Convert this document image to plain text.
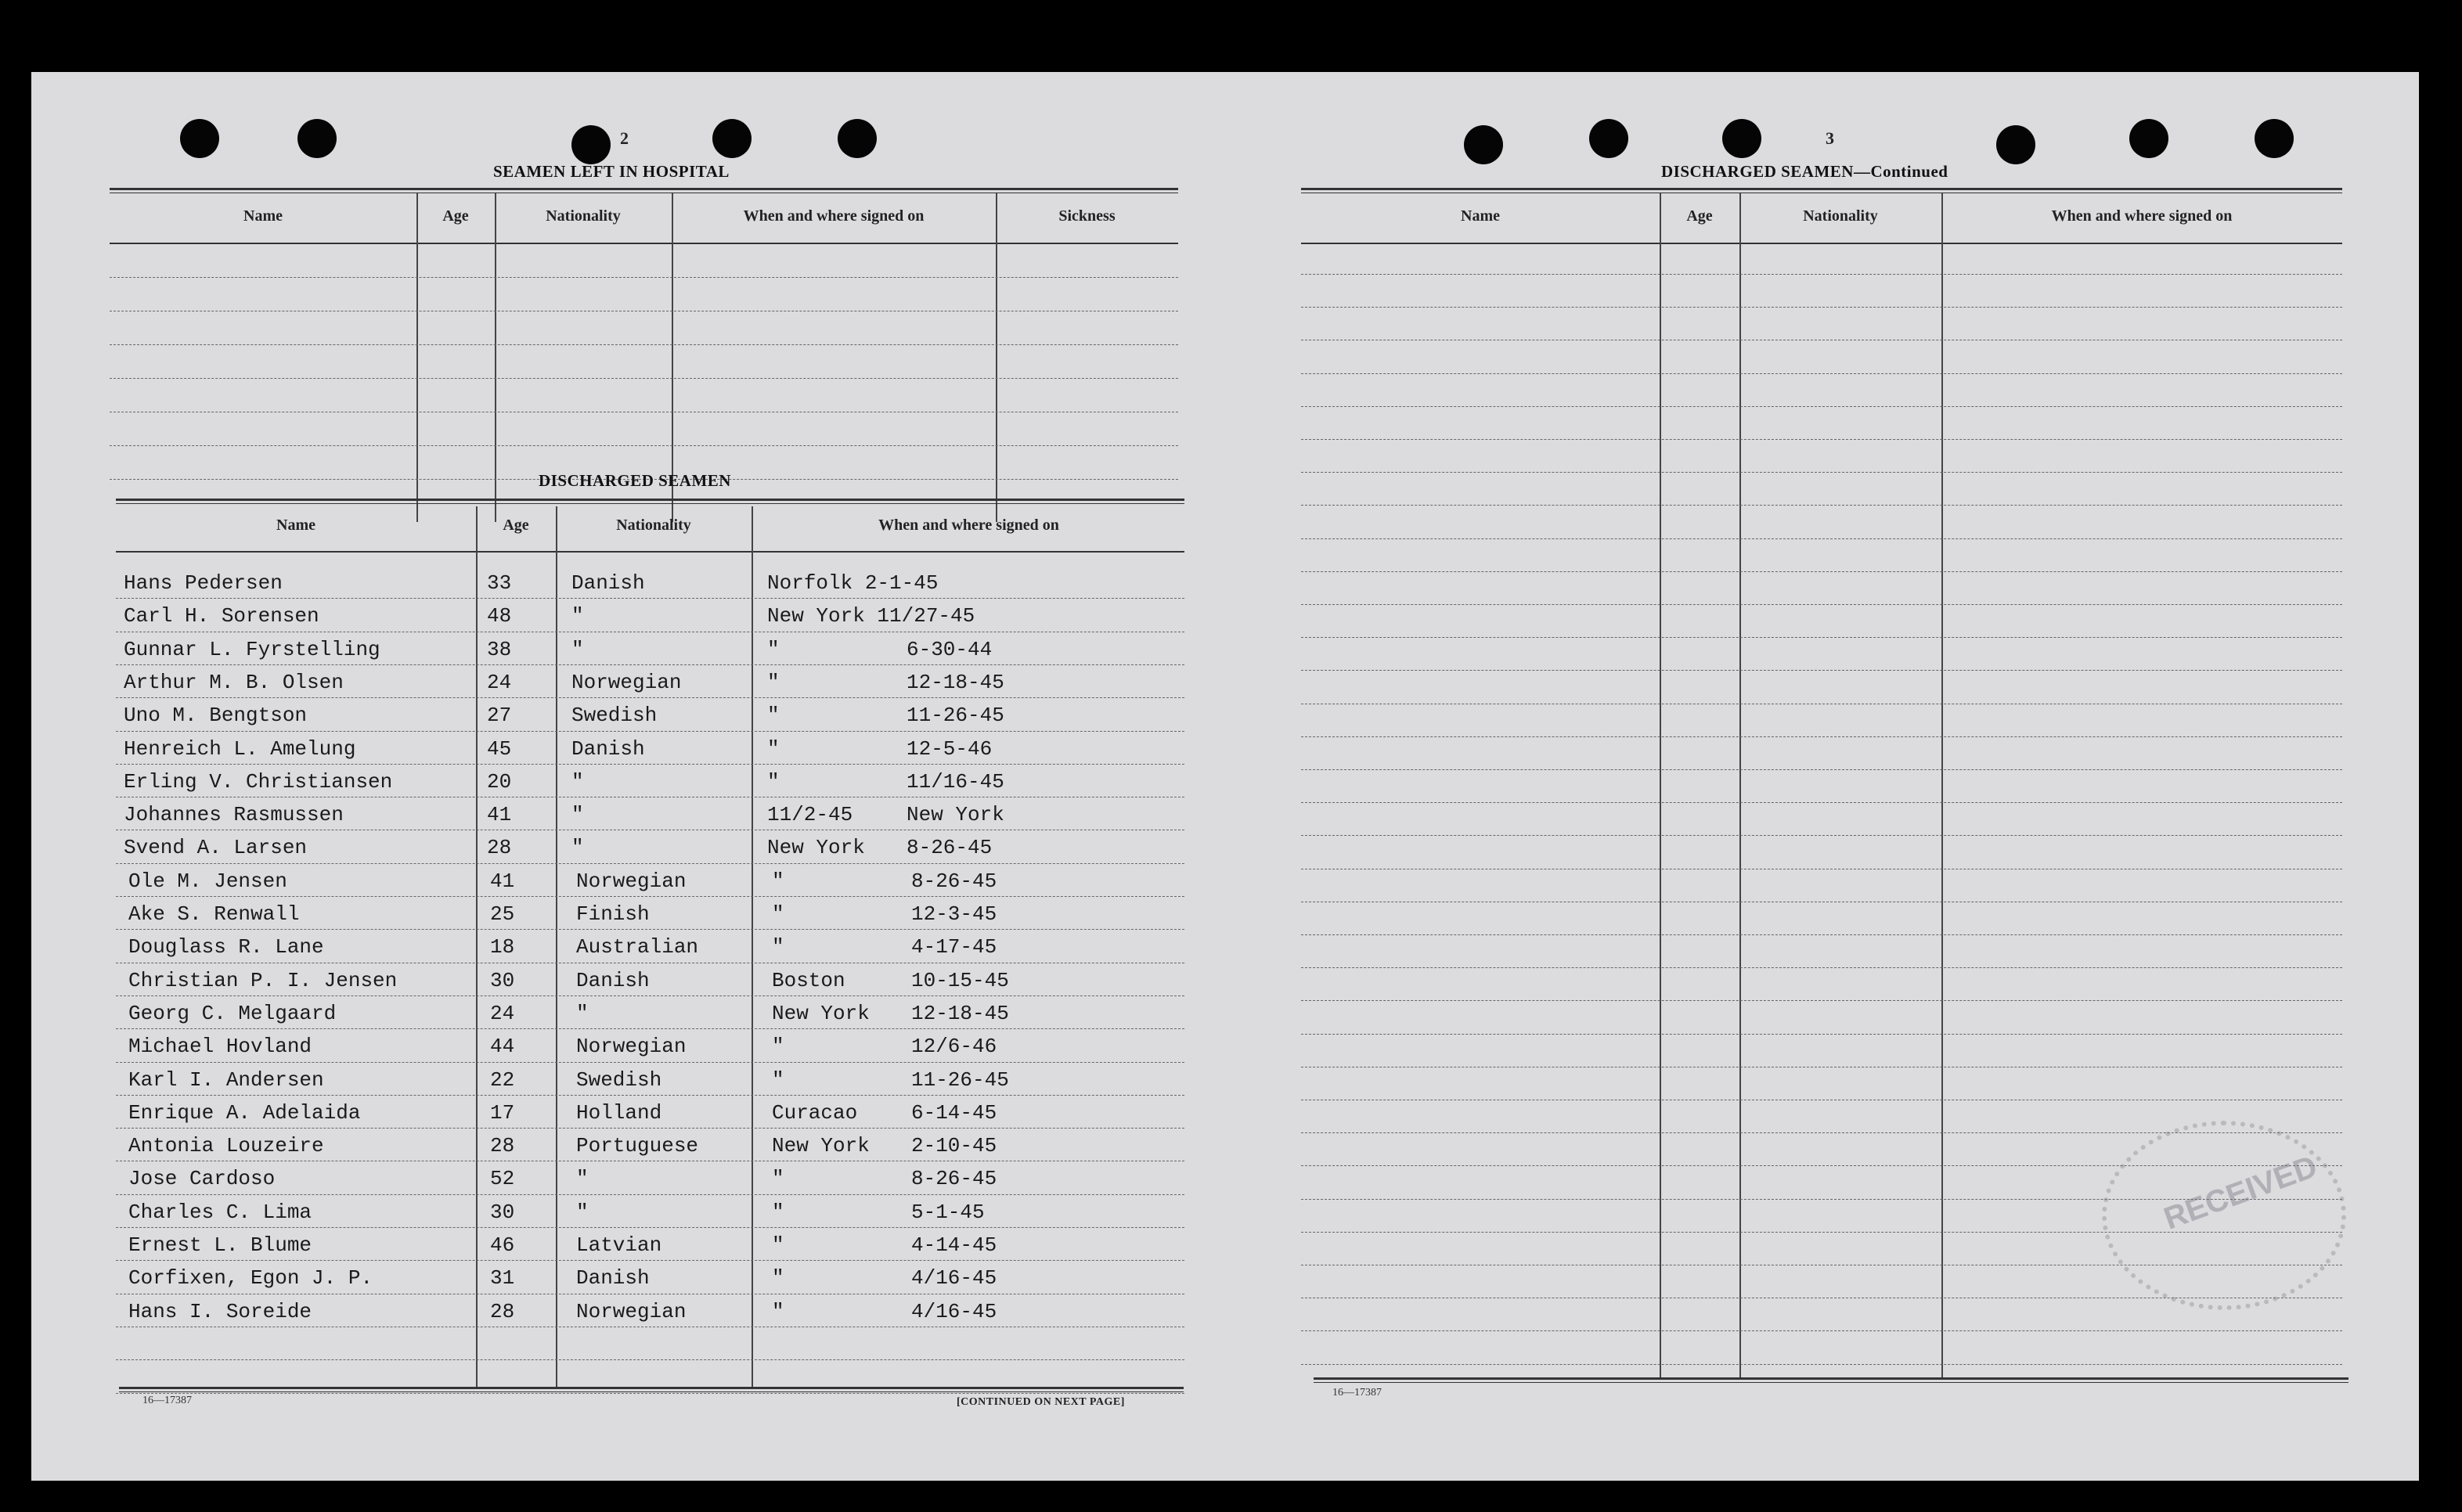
2
SEAMEN LEFT IN HOSPITAL
Name	Age	Nationality	When and where signed on	Sickness
DISCHARGED SEAMEN
Name	Age	Nationality	When and where signed on
Hans Pedersen	33	Danish	Norfolk 2-1-45
Carl H. Sorensen	48	"	New York 11/27-45
Gunnar L. Fyrstelling	38	"	"	6-30-44
Arthur M. B. Olsen	24	Norwegian	"	12-18-45
Uno M. Bengtson	27	Swedish	"	11-26-45
Henreich L. Amelung	45	Danish	"	12-5-46
Erling V. Christiansen	20	"	"	11/16-45
Johannes Rasmussen	41	"	11/2-45	New York
Svend A. Larsen	28	"	New York 8-26-45
Ole M. Jensen	41	Norwegian	"	8-26-45
Ake S. Renwall	25	Finish	"	12-3-45
Douglass R. Lane	18	Australian	"	4-17-45
Christian P. I. Jensen	30	Danish	Boston	10-15-45
Georg C. Melgaard	24	"	New York 12-18-45
Michael Hovland	44	Norwegian	"	12/6-46
Karl I. Andersen	22	Swedish	"	11-26-45
Enrique A. Adelaida	17	Holland	Curacao	6-14-45
Antonia Louzeire	28	Portuguese	New York 2-10-45
Jose Cardoso	52	"	"	8-26-45
Charles C. Lima	30	"	"	5-1-45
Ernest L. Blume	46	Latvian	"	4-14-45
Corfixen, Egon J. P.	31	Danish	"	4/16-45
Hans I. Soreide	28	Norwegian	"	4/16-45
16—17387	[CONTINUED ON NEXT PAGE]
3
DISCHARGED SEAMEN—Continued
Name	Age	Nationality	When and where signed on
16—17387
RECEIVED
